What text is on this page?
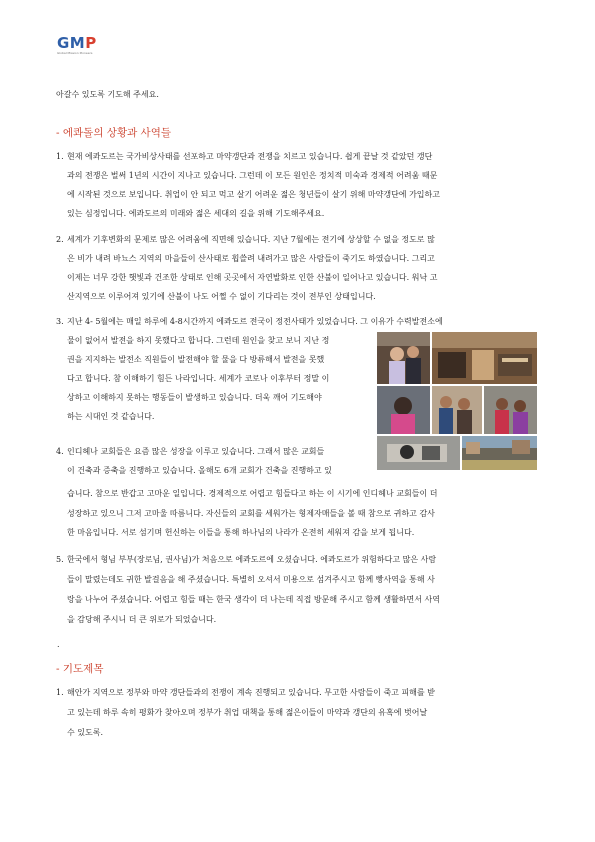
GMP
Global Mission Pioneers
아갈수 있도록 기도해 주세요.
- 에콰돌의 상황과 사역들
1. 현재 에콰도르는 국가비상사태를 선포하고 마약갱단과 전쟁을 치르고 있습니다. 쉽게 끝날 것 같았던 갱단
과의 전쟁은 벌써 1년의 시간이 지나고 있습니다. 그런데 이 모든 원인은 정치적 미숙과 경제적 어려움 때문
에 시작된 것으로 보입니다. 취업이 안 되고 먹고 살기 어려운 젊은 청년들이 살기 위해 마약갱단에 가입하고
있는 심정입니다. 에콰도르의 미래와 젊은 세대의 길을 위해 기도해주세요.
2. 세계가 기후변화의 문제로 많은 어려움에 직면해 있습니다. 지난 7월에는 전기에 상상할 수 없을 정도로 많
은 비가 내려 바뇨스 지역의 마을들이 산사태로 휩쓸려 내려가고 많은 사람들이 죽기도 하였습니다. 그리고
이제는 너무 강한 햇빛과 건조한 상태로 인해 곳곳에서 자연발화로 인한 산불이 일어나고 있습니다. 워낙 고
산지역으로 이루어져 있기에 산불이 나도 어쩔 수 없이 기다리는 것이 전부인 상태입니다.
3. 지난 4- 5월에는 매일 하루에 4-8시간까지 에콰도르 전국이 정전사태가 있었습니다. 그 이유가 수력발전소에
물이 없어서 발전을 하지 못했다고 합니다. 그런데 원인을 찾고 보니 지난 정
권을 지지하는 발전소 직원들이 발전해야 할 물을 다 방류해서 발전을 못했
다고 합니다. 참 이해하기 힘든 나라입니다. 세계가 코로나 이후부터 정말 이
상하고 이해하지 못하는 행동들이 발생하고 있습니다. 더욱 깨어 기도해야
하는 시대인 것 같습니다.
4. 인디헤나 교회들은 요즘 많은 성장을 이루고 있습니다. 그래서 많은 교회들
이 건축과 증축을 진행하고 있습니다. 올해도 6개 교회가 건축을 진행하고 있
습니다. 참으로 반갑고 고마운 일입니다. 경제적으로 어렵고 힘들다고 하는 이 시기에 인디헤나 교회들이 더
성장하고 있으니 그저 고마울 따름니다. 자신들의 교회를 세워가는 형제자매들을 볼 때 참으로 귀하고 감사
한 마음입니다. 서로 섬기며 헌신하는 이들을 통해 하나님의 나라가 온전히 세워져 감을 보게 됩니다.
5. 한국에서 형님 부부(장로님, 권사님)가 처음으로 에콰도르에 오셨습니다. 에콰도르가 위험하다고 많은 사람
들이 말렸는데도 귀한 발걸음을 해 주셨습니다. 특별히 오셔서 미용으로 섬겨주시고 함께 빵사역을 통해 사
랑을 나누어 주셨습니다. 어렵고 힘들 때는 한국 생각이 더 나는데 직접 방문해 주시고 함께 생활하면서 사역
을 감당해 주시니 더 큰 위로가 되었습니다.
.
- 기도제목
1. 해안가 지역으로 정부와 마약 갱단들과의 전쟁이 계속 진행되고 있습니다. 무고한 사람들이 죽고 피해를 받
고 있는데 하루 속히 평화가 찾아오며 정부가 취업 대책을 통해 젊은이들이 마약과 갱단의 유혹에 벗어날
수 있도록.
